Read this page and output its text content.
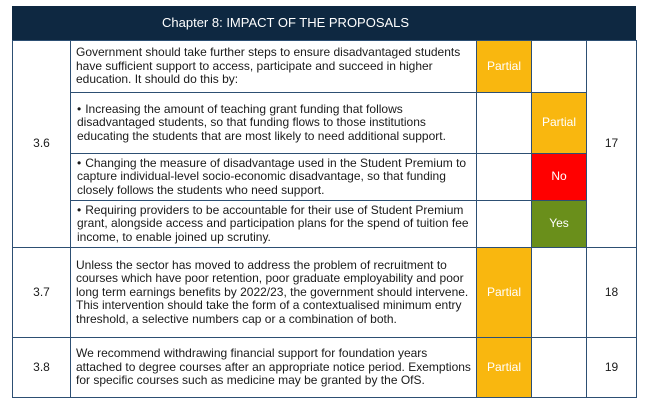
Chapter 8: IMPACT OF THE PROPOSALS
3.6	Government should take further steps to ensure disadvantaged students have sufficient support to access, participate and succeed in higher education. It should do this by:	Partial		17
	• Increasing the amount of teaching grant funding that follows disadvantaged students, so that funding flows to those institutions educating the students that are most likely to need additional support.		Partial	
	• Changing the measure of disadvantage used in the Student Premium to capture individual-level socio-economic disadvantage, so that funding closely follows the students who need support.		No	
	• Requiring providers to be accountable for their use of Student Premium grant, alongside access and participation plans for the spend of tuition fee income, to enable joined up scrutiny.		Yes	
3.7	Unless the sector has moved to address the problem of recruitment to courses which have poor retention, poor graduate employability and poor long term earnings benefits by 2022/23, the government should intervene. This intervention should take the form of a contextualised minimum entry threshold, a selective numbers cap or a combination of both.	Partial		18
3.8	We recommend withdrawing financial support for foundation years attached to degree courses after an appropriate notice period. Exemptions for specific courses such as medicine may be granted by the OfS.	Partial		19
